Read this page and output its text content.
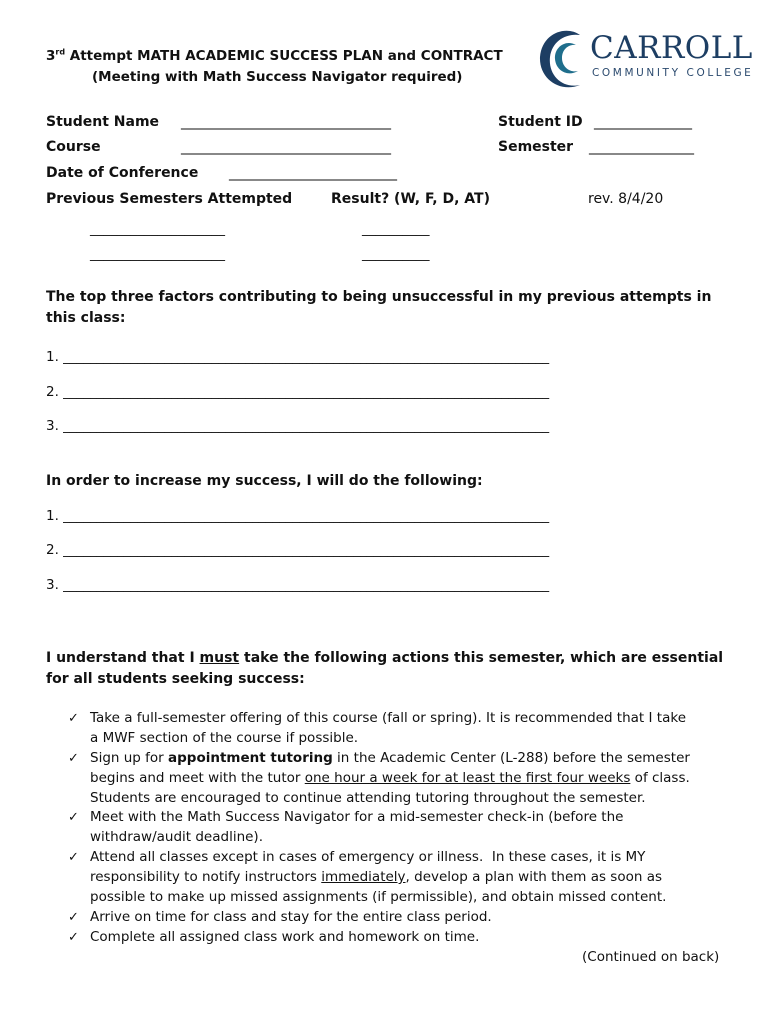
3rd Attempt MATH ACADEMIC SUCCESS PLAN and CONTRACT
(Meeting with Math Success Navigator required)
CARROLL
COMMUNITY COLLEGE
Student Name ______________________________	Student ID ______________
Course	______________________________	Semester _______________
Date of Conference ________________________
Previous Semesters Attempted	Result? (W, F, D, AT)	rev. 8/4/20
____________________	__________
____________________	__________
The top three factors contributing to being unsuccessful in my previous attempts in
this class:
1. ________________________________________________________________________
2. ________________________________________________________________________
3. ________________________________________________________________________
In order to increase my success, I will do the following:
1. ________________________________________________________________________
2. ________________________________________________________________________
3. ________________________________________________________________________
I understand that I must take the following actions this semester, which are essential
for all students seeking success:
✓ Take a full-semester offering of this course (fall or spring). It is recommended that I take
a MWF section of the course if possible.
✓ Sign up for appointment tutoring in the Academic Center (L-288) before the semester
begins and meet with the tutor one hour a week for at least the first four weeks of class.
Students are encouraged to continue attending tutoring throughout the semester.
✓ Meet with the Math Success Navigator for a mid-semester check-in (before the
withdraw/audit deadline).
✓ Attend all classes except in cases of emergency or illness.  In these cases, it is MY
responsibility to notify instructors immediately, develop a plan with them as soon as
possible to make up missed assignments (if permissible), and obtain missed content.
✓ Arrive on time for class and stay for the entire class period.
✓ Complete all assigned class work and homework on time.
(Continued on back)
